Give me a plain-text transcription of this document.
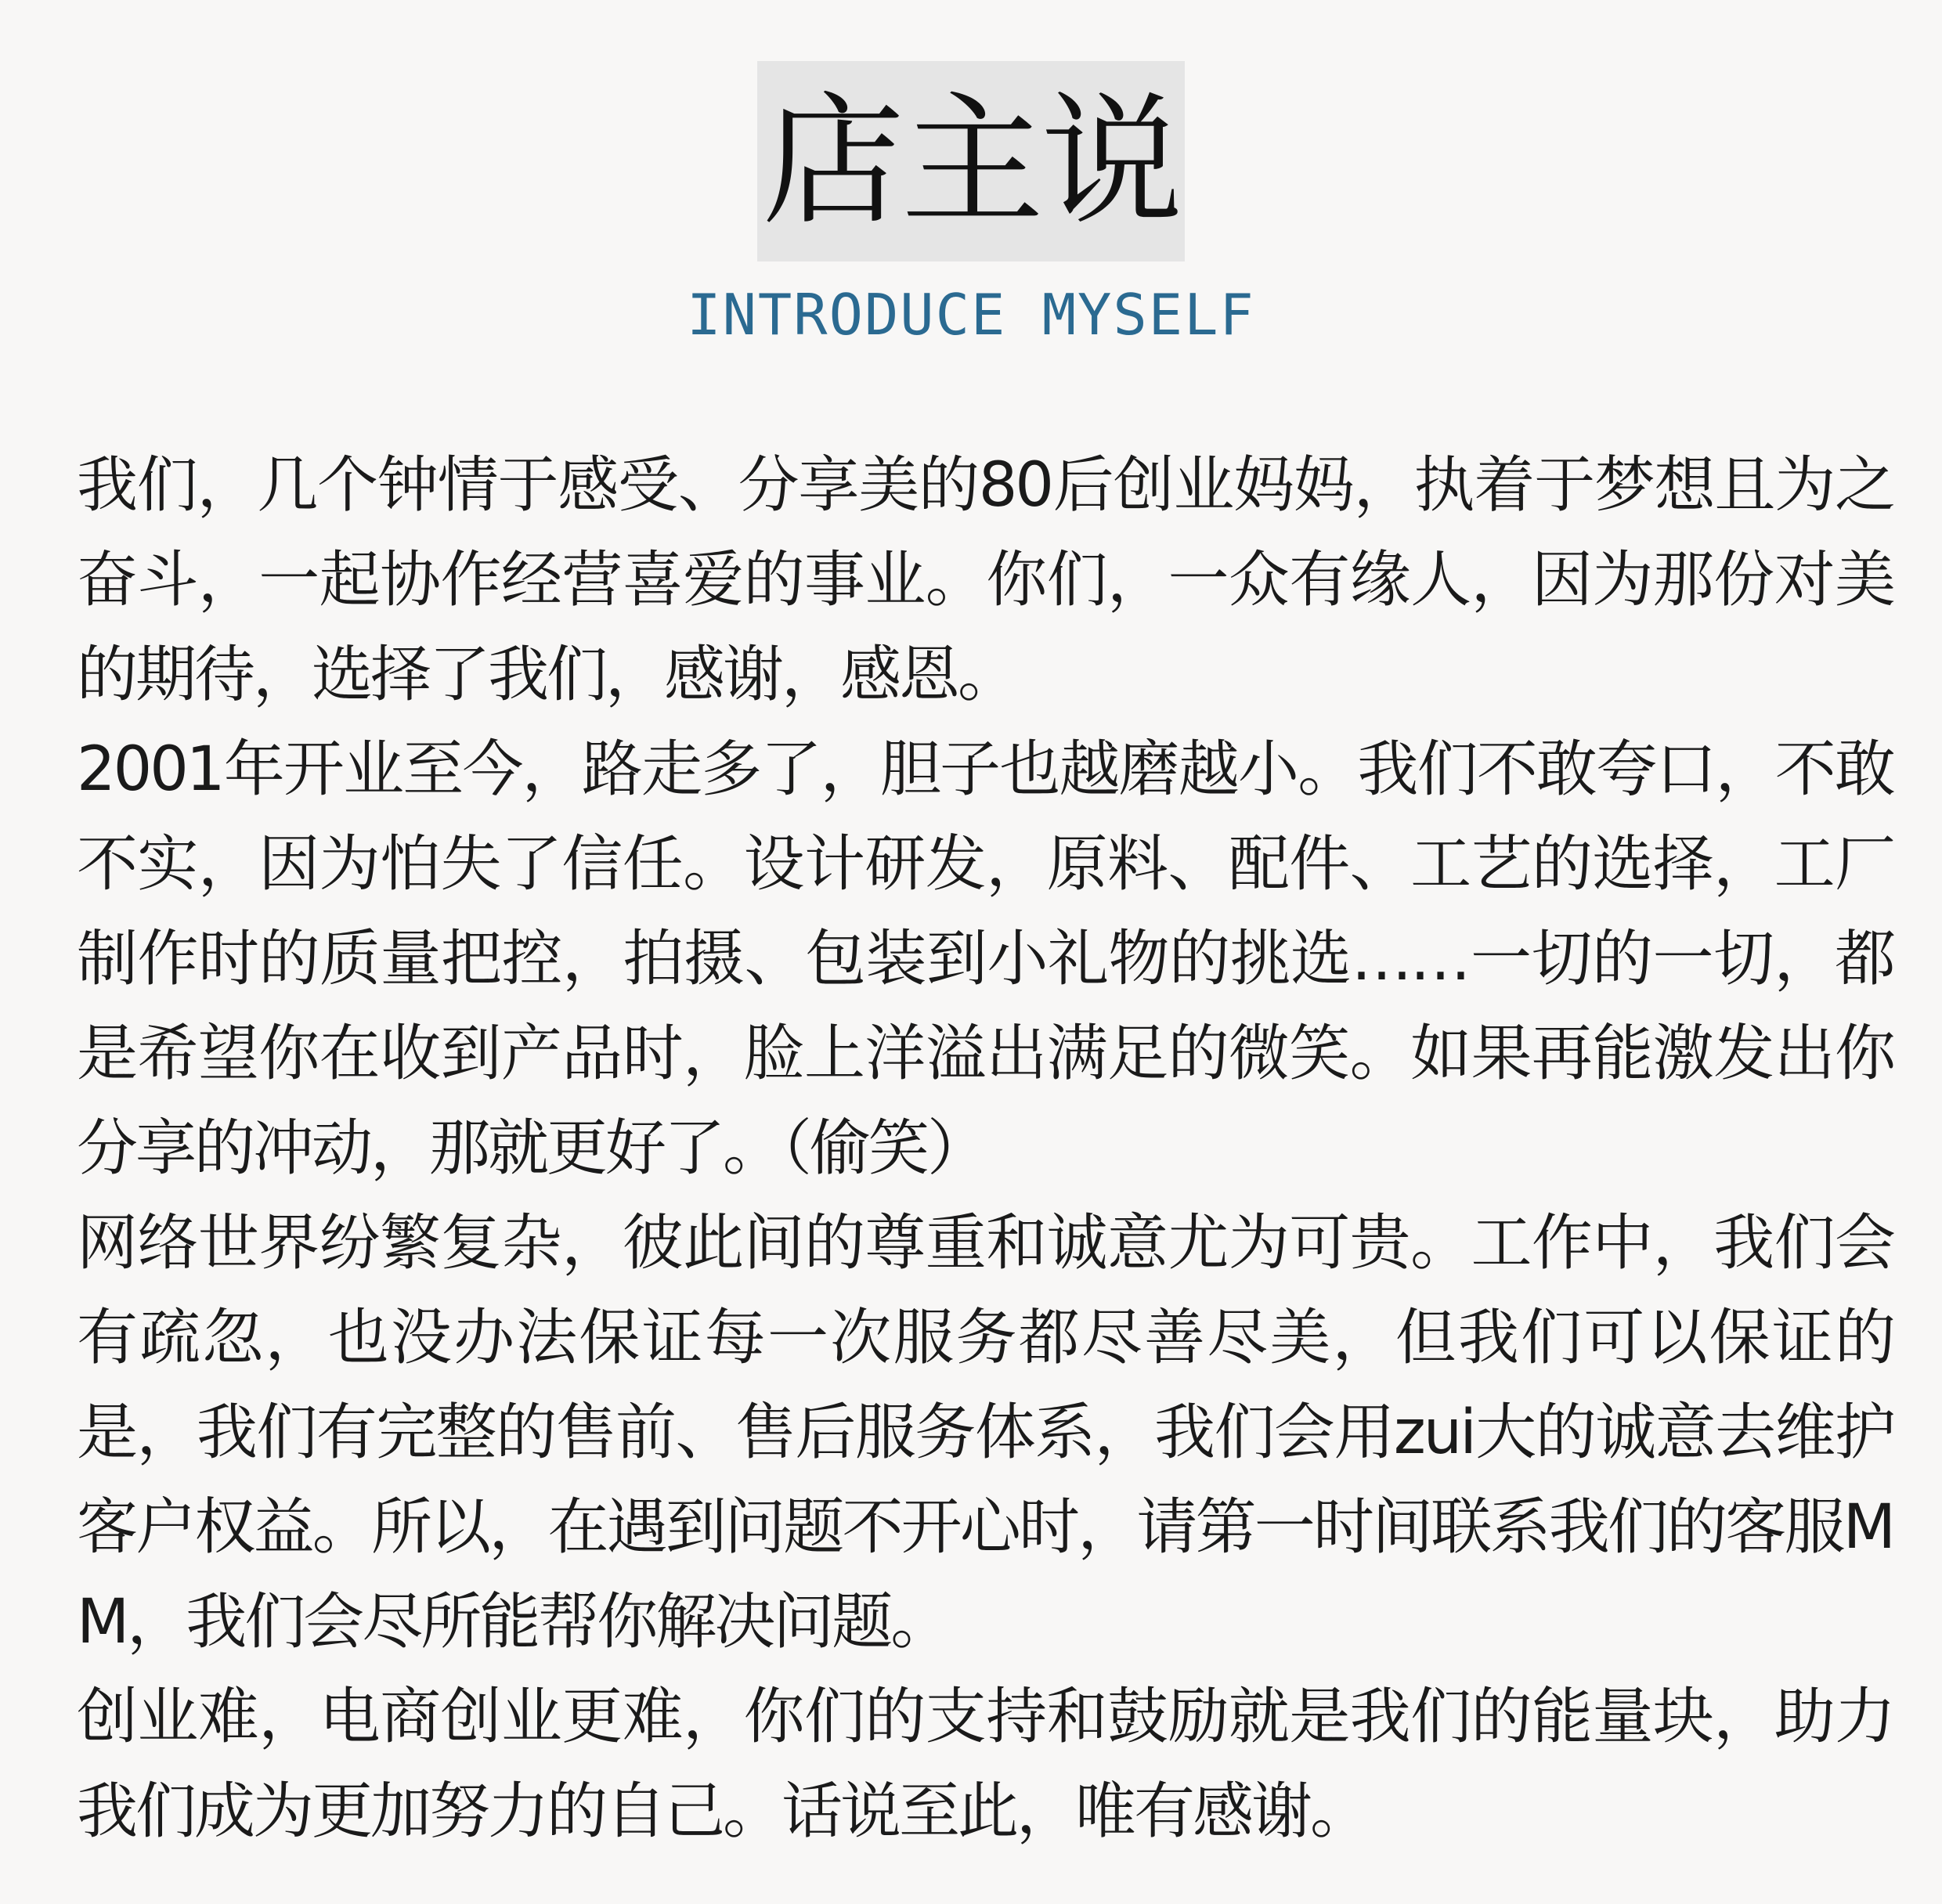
店主说
INTRODUCE MYSELF

我们，几个钟情于感受、分享美的80后创业妈妈，执着于梦想且为之奋斗，一起协作经营喜爱的事业。你们，一众有缘人，因为那份对美的期待，选择了我们，感谢，感恩。

2001年开业至今，路走多了，胆子也越磨越小。我们不敢夸口，不敢不实，因为怕失了信任。设计研发，原料、配件、工艺的选择，工厂制作时的质量把控，拍摄、包装到小礼物的挑选……一切的一切，都是希望你在收到产品时，脸上洋溢出满足的微笑。如果再能激发出你分享的冲动，那就更好了。（偷笑）

网络世界纷繁复杂，彼此间的尊重和诚意尤为可贵。工作中，我们会有疏忽，也没办法保证每一次服务都尽善尽美，但我们可以保证的是，我们有完整的售前、售后服务体系，我们会用zui大的诚意去维护客户权益。所以，在遇到问题不开心时，请第一时间联系我们的客服MM，我们会尽所能帮你解决问题。

创业难，电商创业更难，你们的支持和鼓励就是我们的能量块，助力我们成为更加努力的自己。话说至此，唯有感谢。
